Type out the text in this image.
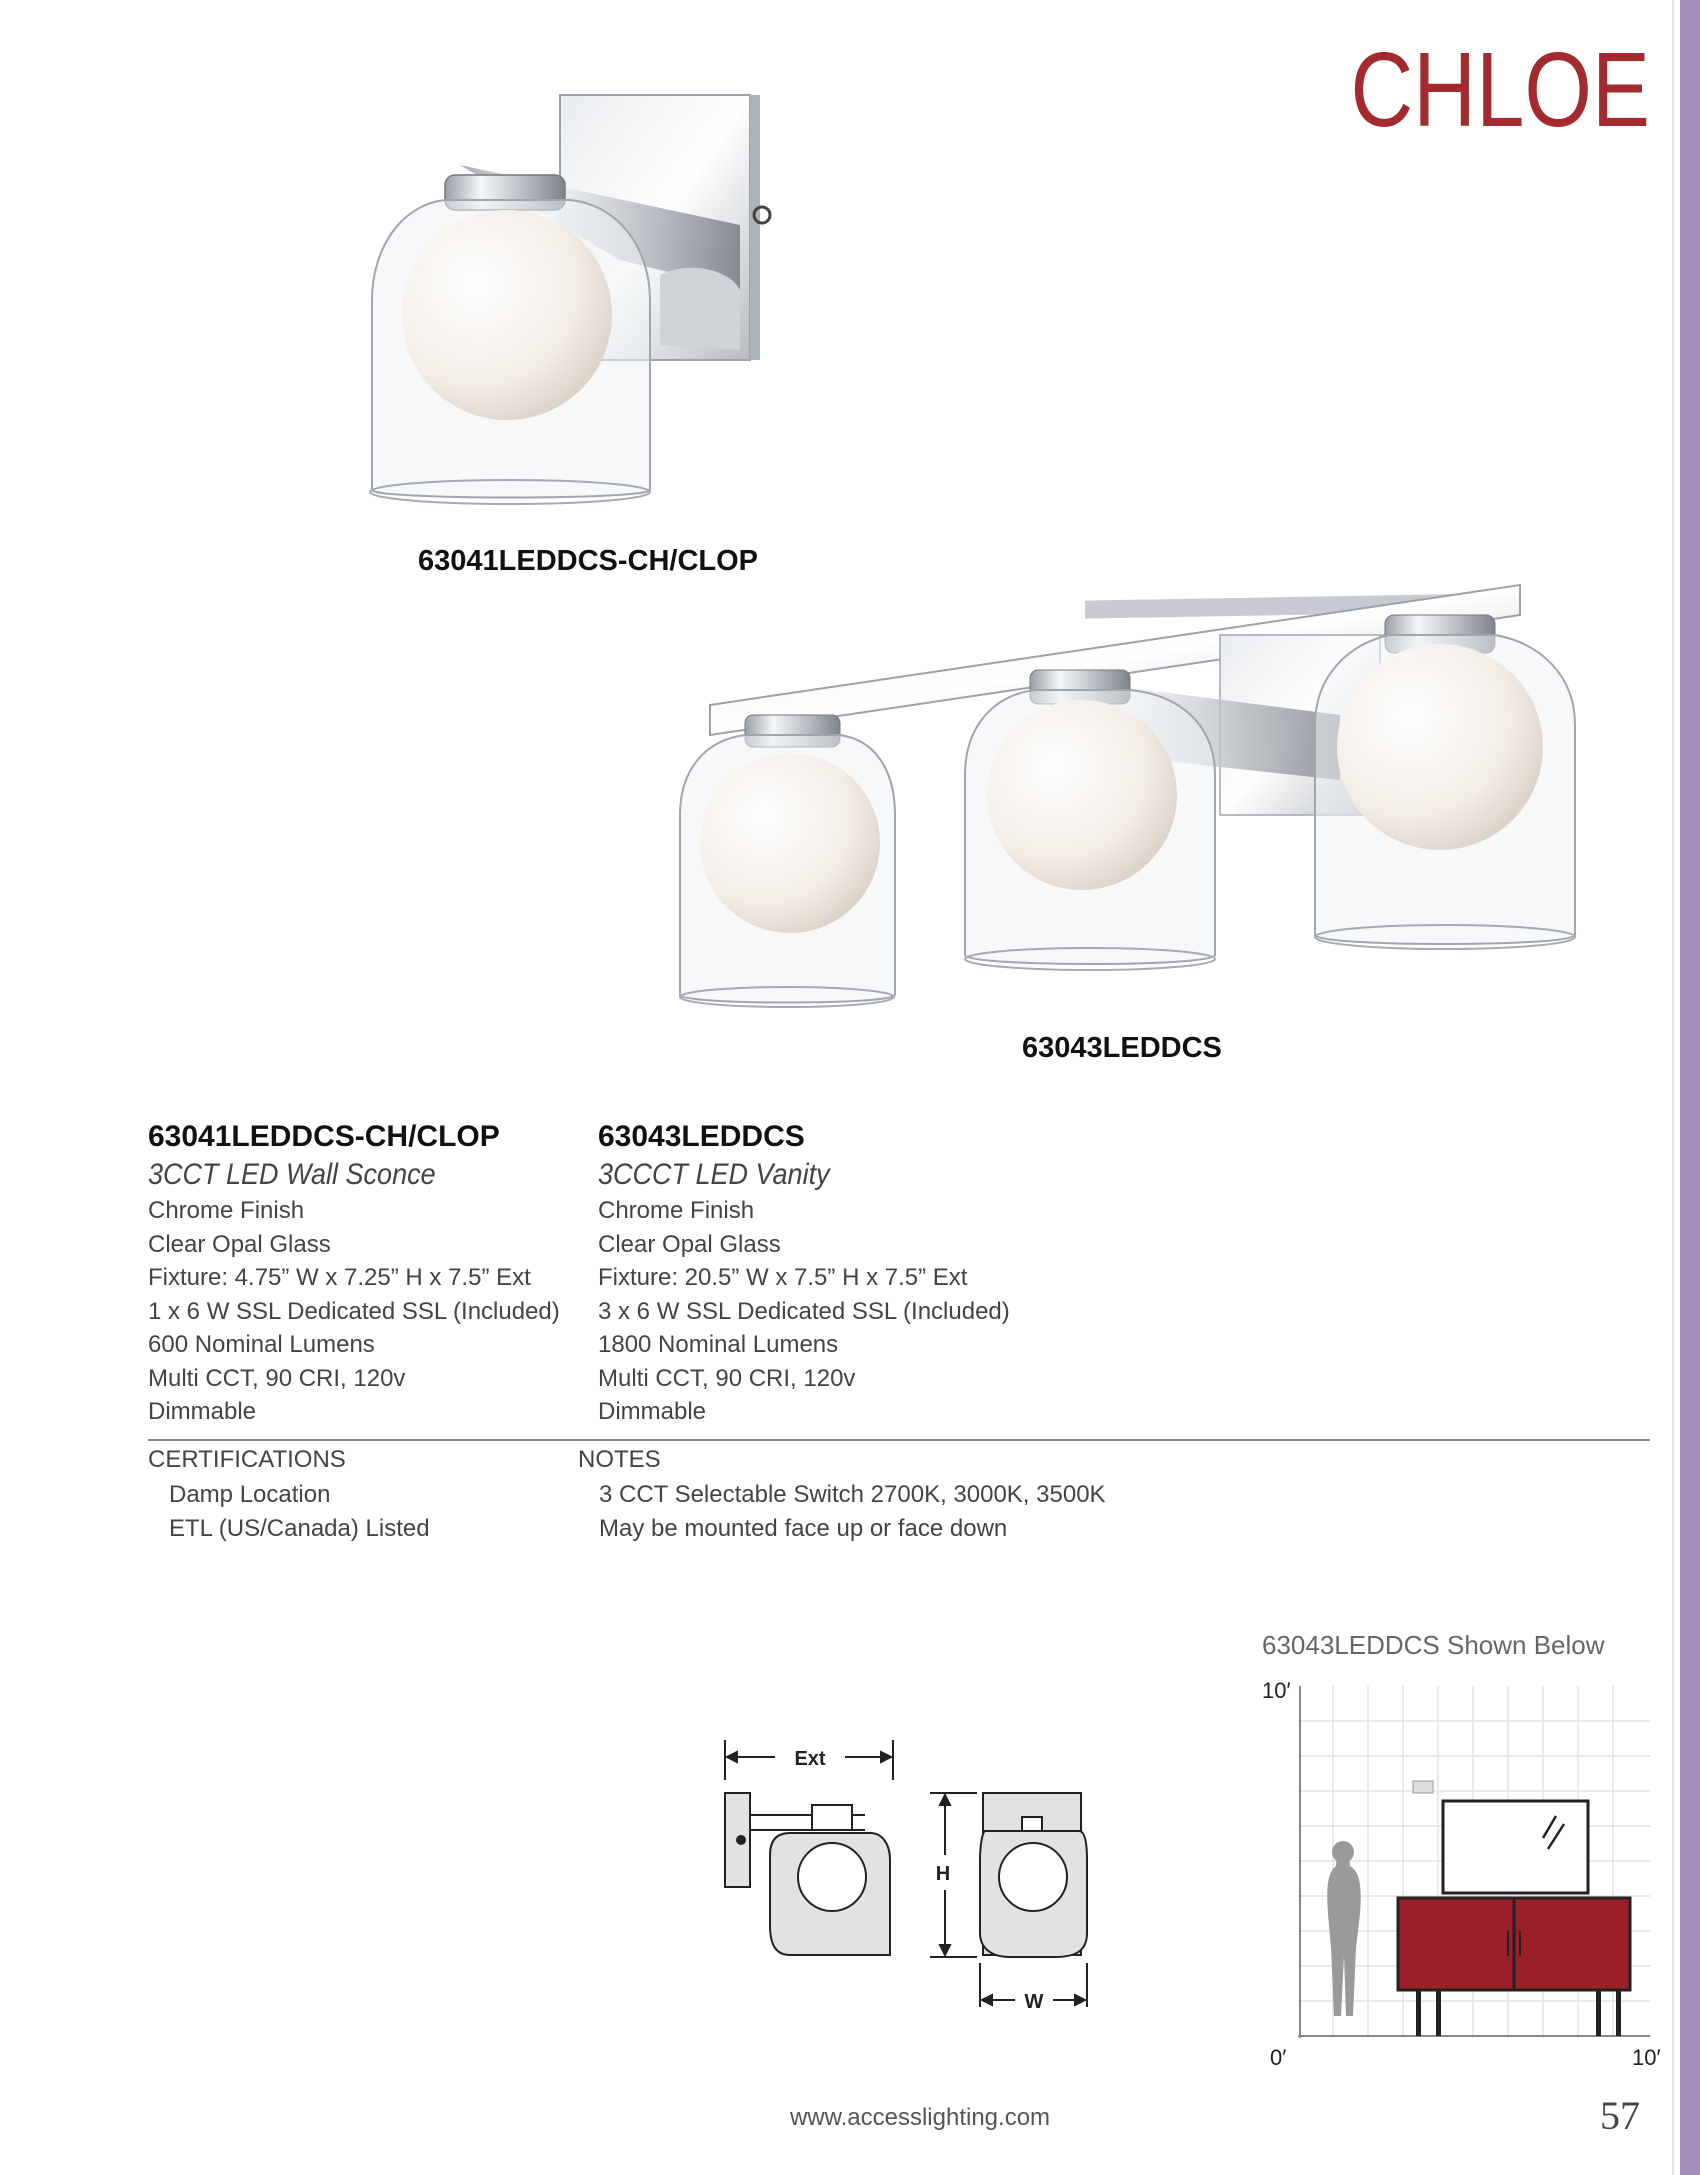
CHLOE
63041LEDDCS-CH/CLOP
63043LEDDCS
63041LEDDCS-CH/CLOP
3CCT LED Wall Sconce
Chrome Finish
Clear Opal Glass
Fixture: 4.75” W x 7.25” H x 7.5” Ext
1 x 6 W SSL Dedicated SSL (Included)
600 Nominal Lumens
Multi CCT, 90 CRI, 120v
Dimmable
63043LEDDCS
3CCCT LED Vanity
Chrome Finish
Clear Opal Glass
Fixture: 20.5” W x 7.5” H x 7.5” Ext
3 x 6 W SSL Dedicated SSL (Included)
1800 Nominal Lumens
Multi CCT, 90 CRI, 120v
Dimmable
CERTIFICATIONS
Damp Location
ETL (US/Canada) Listed
NOTES
3 CCT Selectable Switch 2700K, 3000K, 3500K
May be mounted face up or face down
Ext
H
W
63043LEDDCS Shown Below
10′
0′	10′
www.accesslighting.com	57
